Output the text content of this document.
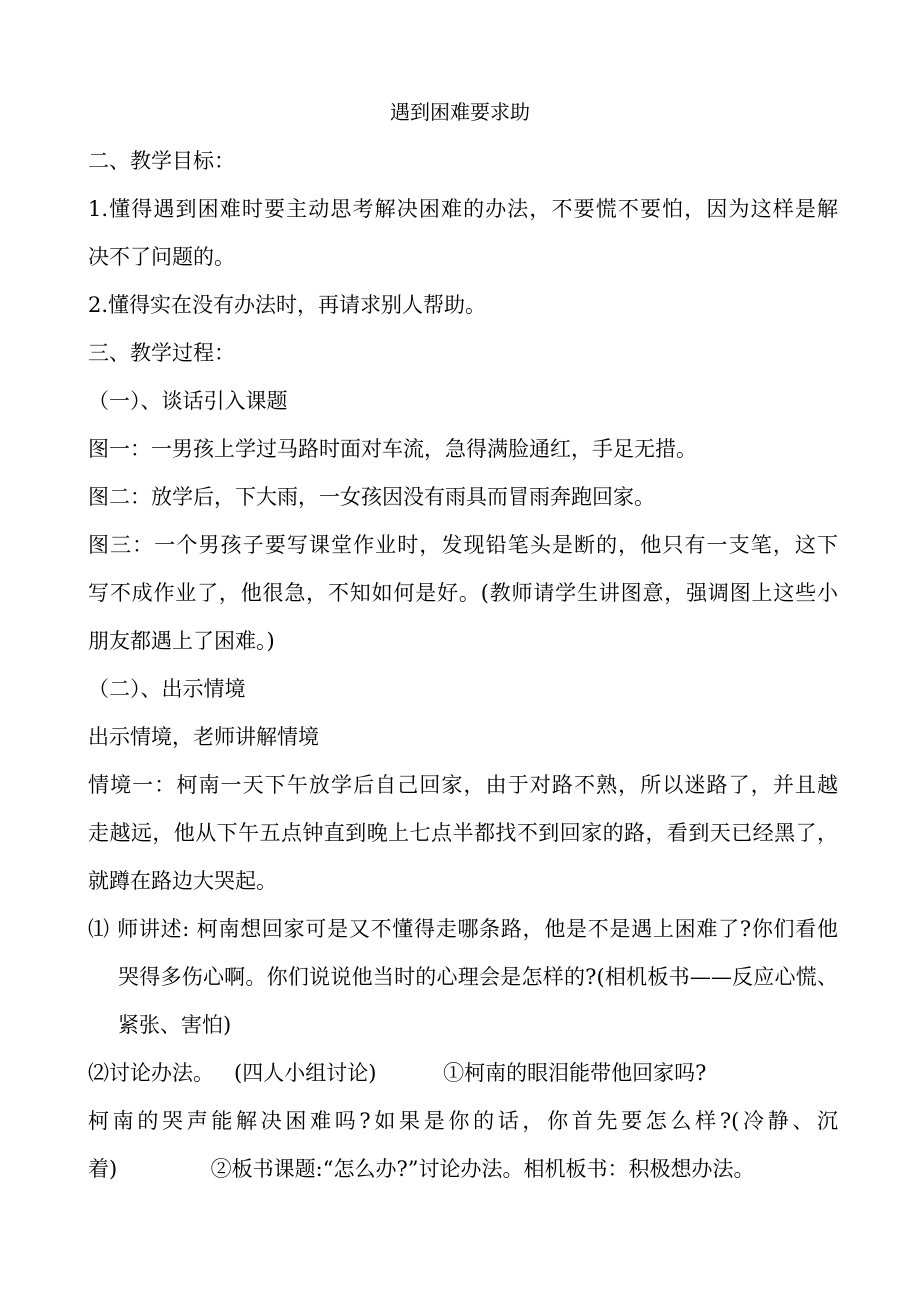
遇到困难要求助
二、教学目标：
1.懂得遇到困难时要主动思考解决困难的办法，不要慌不要怕，因为这样是解
决不了问题的。
2.懂得实在没有办法时，再请求别人帮助。
三、教学过程：
（一）、谈话引入课题
图一：一男孩上学过马路时面对车流，急得满脸通红，手足无措。
图二：放学后，下大雨，一女孩因没有雨具而冒雨奔跑回家。
图三：一个男孩子要写课堂作业时，发现铅笔头是断的，他只有一支笔，这下
写不成作业了，他很急，不知如何是好。(教师请学生讲图意，强调图上这些小
朋友都遇上了困难。)
（二）、出示情境
出示情境，老师讲解情境
情境一：柯南一天下午放学后自己回家，由于对路不熟，所以迷路了，并且越
走越远，他从下午五点钟直到晚上七点半都找不到回家的路，看到天已经黑了，
就蹲在路边大哭起。
⑴ 师讲述: 柯南想回家可是又不懂得走哪条路，他是不是遇上困难了?你们看他
哭得多伤心啊。你们说说他当时的心理会是怎样的?(相机板书——反应心慌、
紧张、害怕)
⑵讨论办法。   (四人小组讨论)          ①柯南的眼泪能带他回家吗?
柯南的哭声能解决困难吗?如果是你的话，你首先要怎么样?(冷静、沉
着)              ②板书课题:“怎么办?”讨论办法。相机板书：积极想办法。
